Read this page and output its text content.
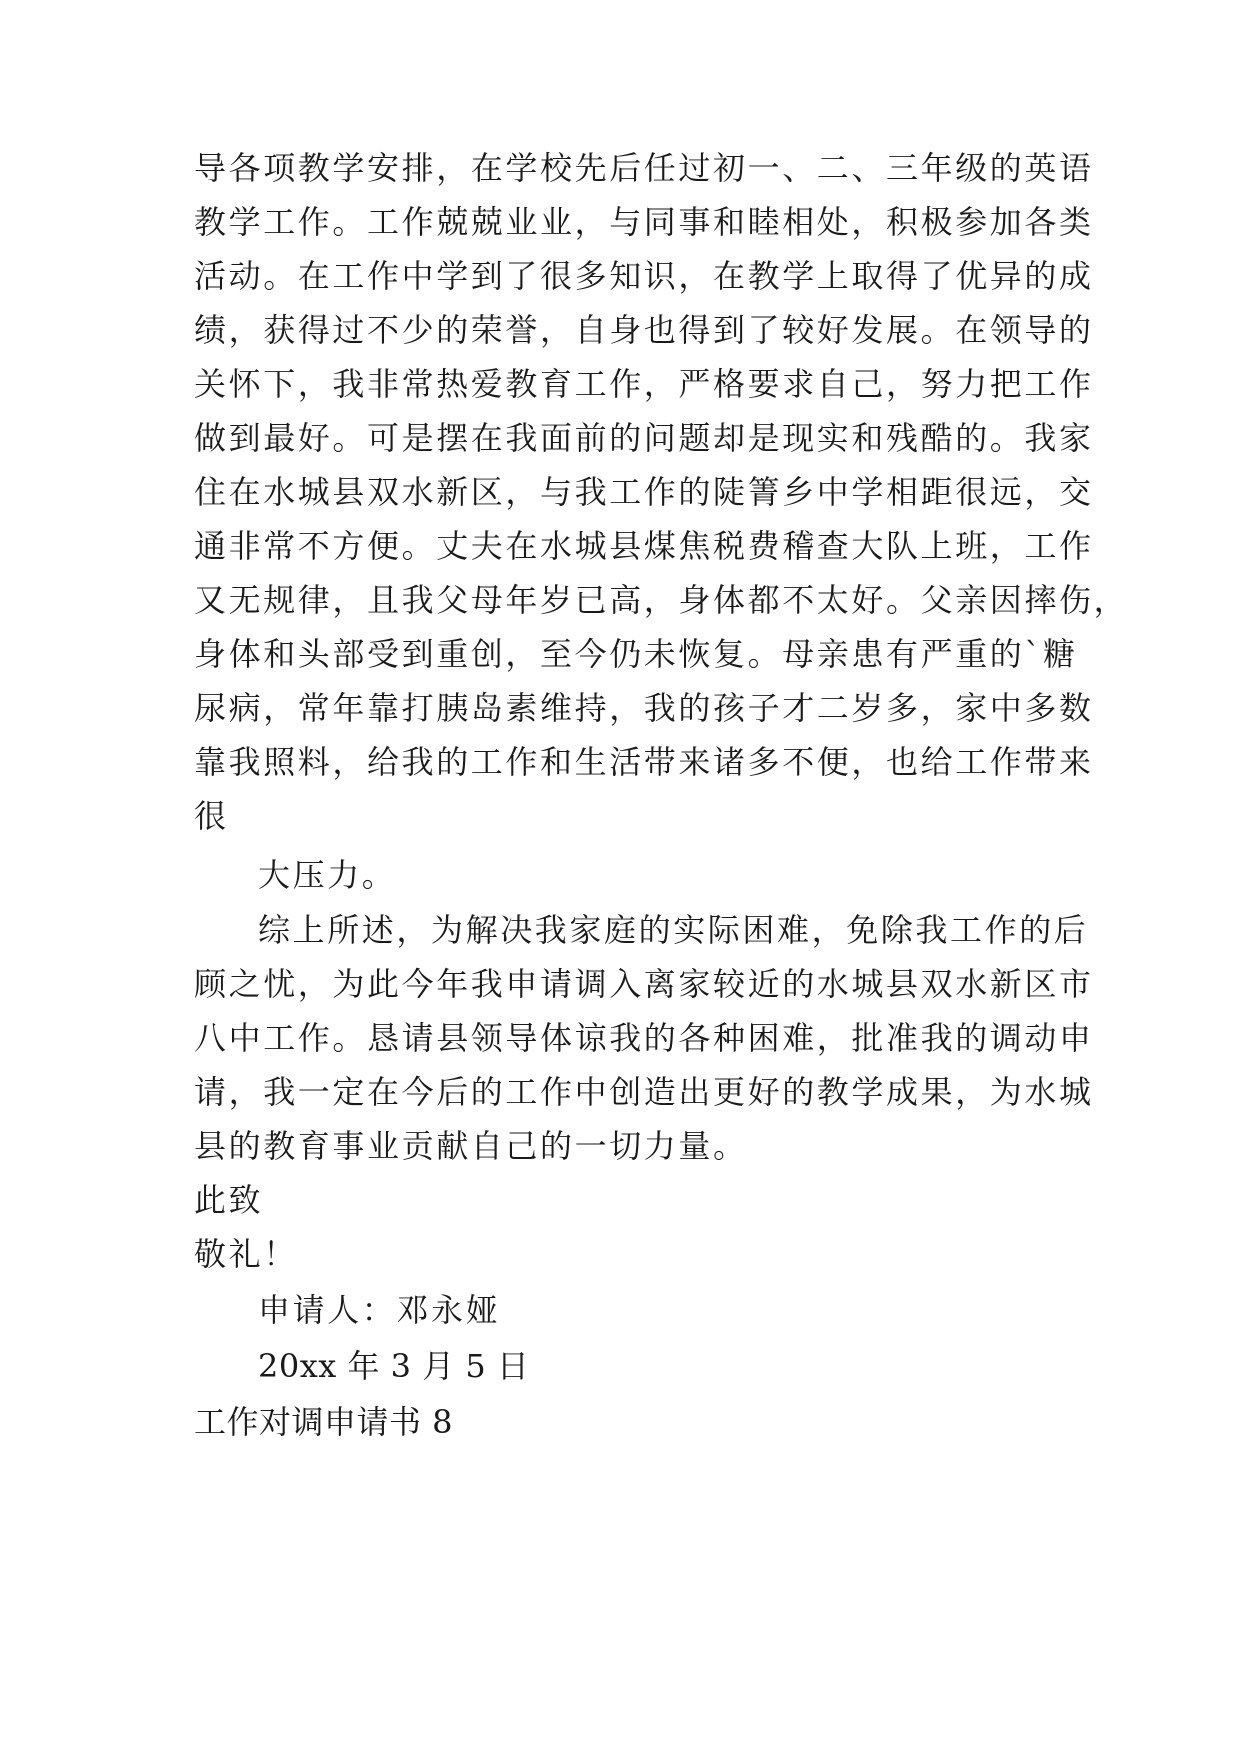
导各项教学安排，在学校先后任过初一、二、三年级的英语
教学工作。工作兢兢业业，与同事和睦相处，积极参加各类
活动。在工作中学到了很多知识，在教学上取得了优异的成
绩，获得过不少的荣誉，自身也得到了较好发展。在领导的
关怀下，我非常热爱教育工作，严格要求自己，努力把工作
做到最好。可是摆在我面前的问题却是现实和残酷的。我家
住在水城县双水新区，与我工作的陡箐乡中学相距很远，交
通非常不方便。丈夫在水城县煤焦税费稽查大队上班，工作
又无规律，且我父母年岁已高，身体都不太好。父亲因摔伤，
身体和头部受到重创，至今仍未恢复。母亲患有严重的`糖
尿病，常年靠打胰岛素维持，我的孩子才二岁多，家中多数
靠我照料，给我的工作和生活带来诸多不便，也给工作带来
很
大压力。
综上所述，为解决我家庭的实际困难，免除我工作的后
顾之忧，为此今年我申请调入离家较近的水城县双水新区市
八中工作。恳请县领导体谅我的各种困难，批准我的调动申
请，我一定在今后的工作中创造出更好的教学成果，为水城
县的教育事业贡献自己的一切力量。
此致
敬礼！
申请人：邓永娅
20xx 年 3 月 5 日
工作对调申请书 8
